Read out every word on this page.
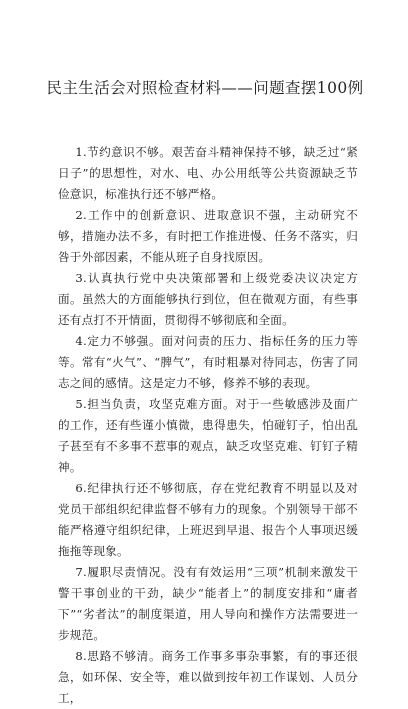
民主生活会对照检查材料——问题查摆100例

1.节约意识不够。艰苦奋斗精神保持不够，缺乏过“紧日子”的思想性，对水、电、办公用纸等公共资源缺乏节俭意识，标准执行还不够严格。

2.工作中的创新意识、进取意识不强，主动研究不够，措施办法不多，有时把工作推进慢、任务不落实，归咎于外部因素，不能从班子自身找原因。

3.认真执行党中央决策部署和上级党委决议决定方面。虽然大的方面能够执行到位，但在微观方面，有些事还有点打不开情面，贯彻得不够彻底和全面。

4.定力不够强。面对问责的压力、指标任务的压力等等。常有“火气”、“脾气”，有时粗暴对待同志，伤害了同志之间的感情。这是定力不够，修养不够的表现。

5.担当负责，攻坚克难方面。对于一些敏感涉及面广的工作，还有些谨小慎微，患得患失，怕碰钉子，怕出乱子甚至有不多事不惹事的观点，缺乏攻坚克难、钉钉子精神。

6.纪律执行还不够彻底，存在党纪教育不明显以及对党员干部组织纪律监督不够有力的现象。个别领导干部不能严格遵守组织纪律，上班迟到早退、报告个人事项迟缓拖拖等现象。

7.履职尽责情况。没有有效运用“三项”机制来激发干警干事创业的干劲，缺少“能者上”的制度安排和“庸者下”“劣者汰”的制度渠道，用人导向和操作方法需要进一步规范。

8.思路不够清。商务工作事多事杂事繁，有的事还很急，如环保、安全等，难以做到按年初工作谋划、人员分工，
